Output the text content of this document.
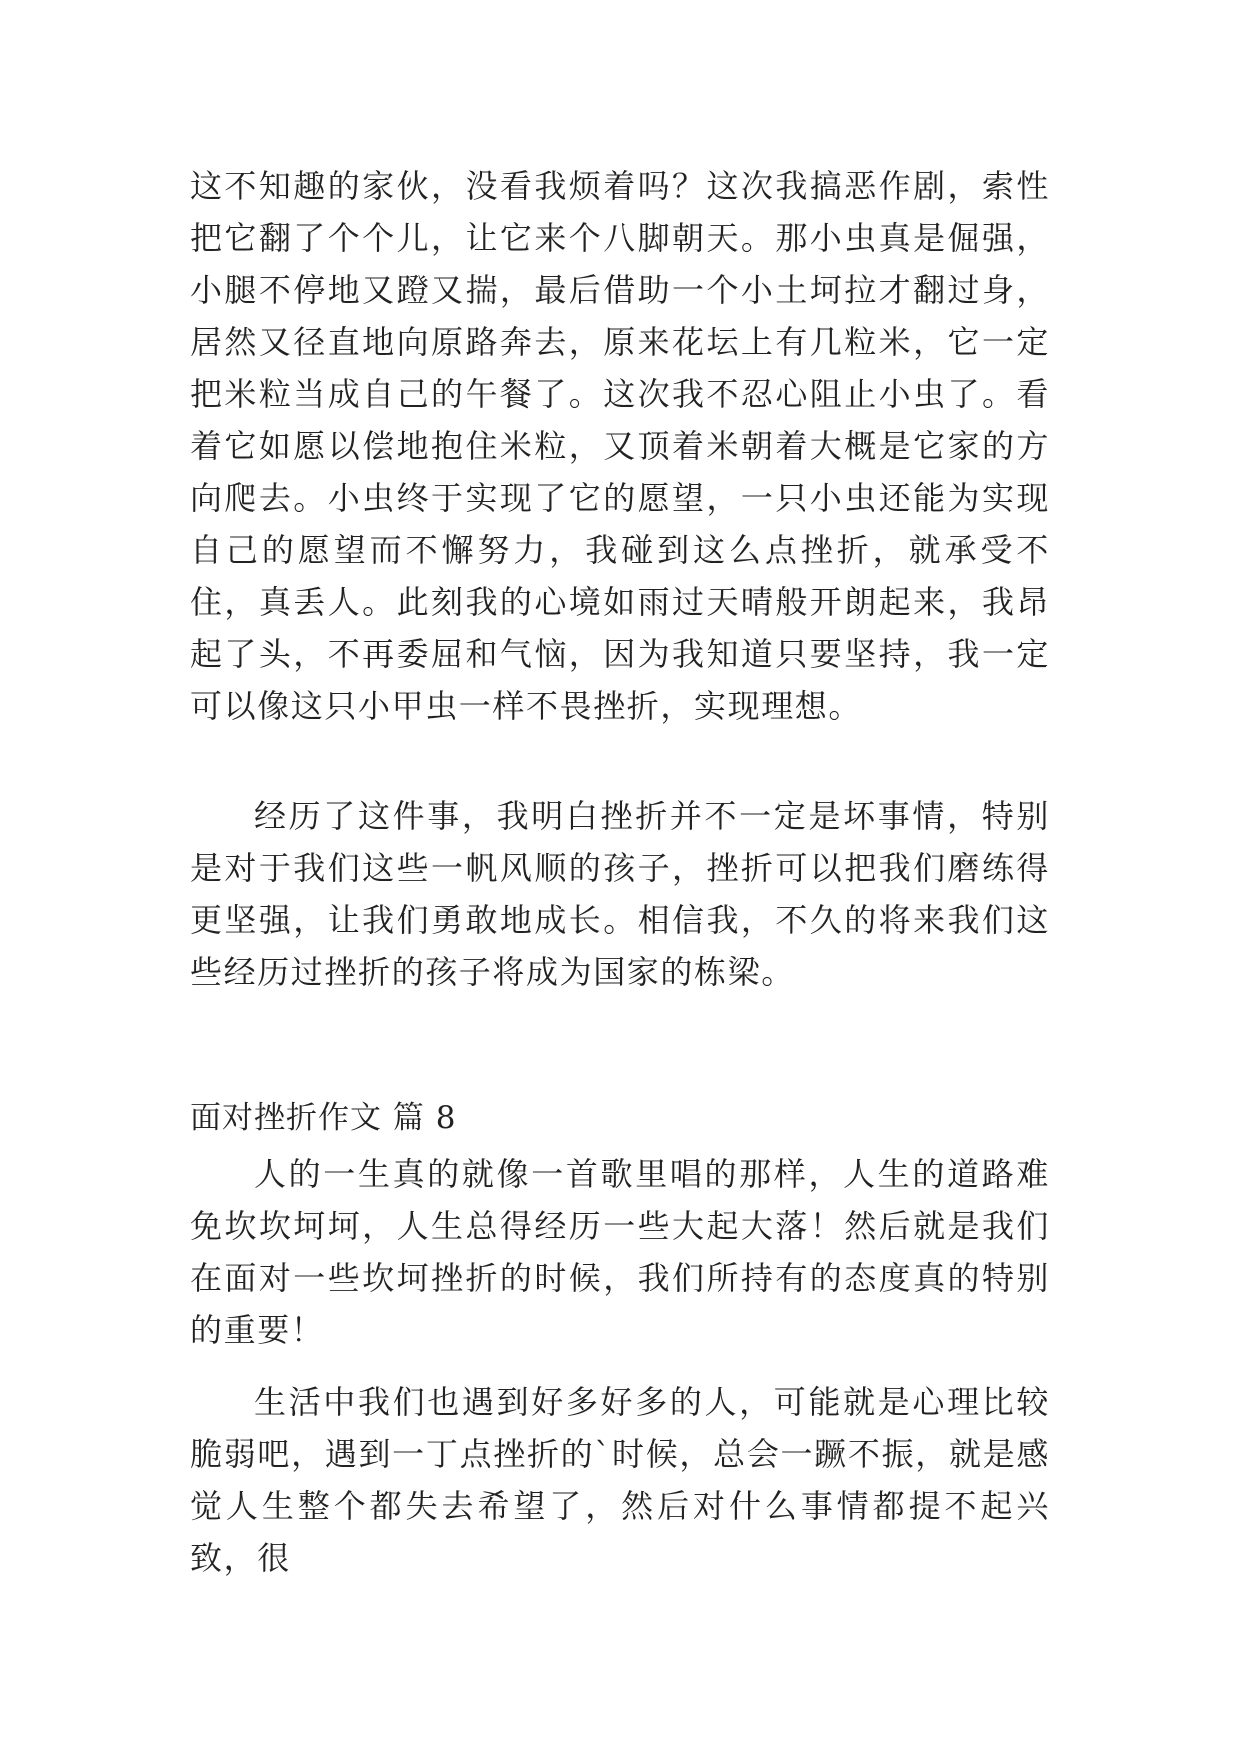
这不知趣的家伙，没看我烦着吗？这次我搞恶作剧，索性把它翻了个个儿，让它来个八脚朝天。那小虫真是倔强，小腿不停地又蹬又揣，最后借助一个小土坷拉才翻过身，居然又径直地向原路奔去，原来花坛上有几粒米，它一定把米粒当成自己的午餐了。这次我不忍心阻止小虫了。看着它如愿以偿地抱住米粒，又顶着米朝着大概是它家的方向爬去。小虫终于实现了它的愿望，一只小虫还能为实现自己的愿望而不懈努力，我碰到这么点挫折，就承受不住，真丢人。此刻我的心境如雨过天晴般开朗起来，我昂起了头，不再委屈和气恼，因为我知道只要坚持，我一定可以像这只小甲虫一样不畏挫折，实现理想。

经历了这件事，我明白挫折并不一定是坏事情，特别是对于我们这些一帆风顺的孩子，挫折可以把我们磨练得更坚强，让我们勇敢地成长。相信我，不久的将来我们这些经历过挫折的孩子将成为国家的栋梁。

面对挫折作文 篇 8

人的一生真的就像一首歌里唱的那样，人生的道路难免坎坎坷坷，人生总得经历一些大起大落！然后就是我们在面对一些坎坷挫折的时候，我们所持有的态度真的特别的重要！

生活中我们也遇到好多好多的人，可能就是心理比较脆弱吧，遇到一丁点挫折的`时候，总会一蹶不振，就是感觉人生整个都失去希望了，然后对什么事情都提不起兴致，很
